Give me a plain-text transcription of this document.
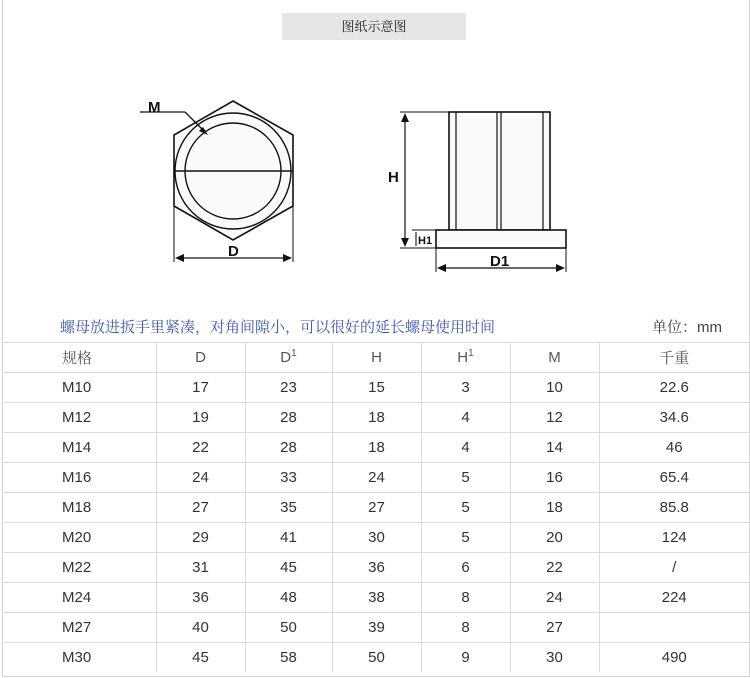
图纸示意图
M
D
H
H1
D1
螺母放进扳手里紧凑，对角间隙小，可以很好的延长螺母使用时间	单位：mm
规格	D	$D^1$	H	$H^1$	M	千重
M10	17	23	15	3	10	22.6
M12	19	28	18	4	12	34.6
M14	22	28	18	4	14	46
M16	24	33	24	5	16	65.4
M18	27	35	27	5	18	85.8
M20	29	41	30	5	20	124
M22	31	45	36	6	22	/
M24	36	48	38	8	24	224
M27	40	50	39	8	27	
M30	45	58	50	9	30	490
